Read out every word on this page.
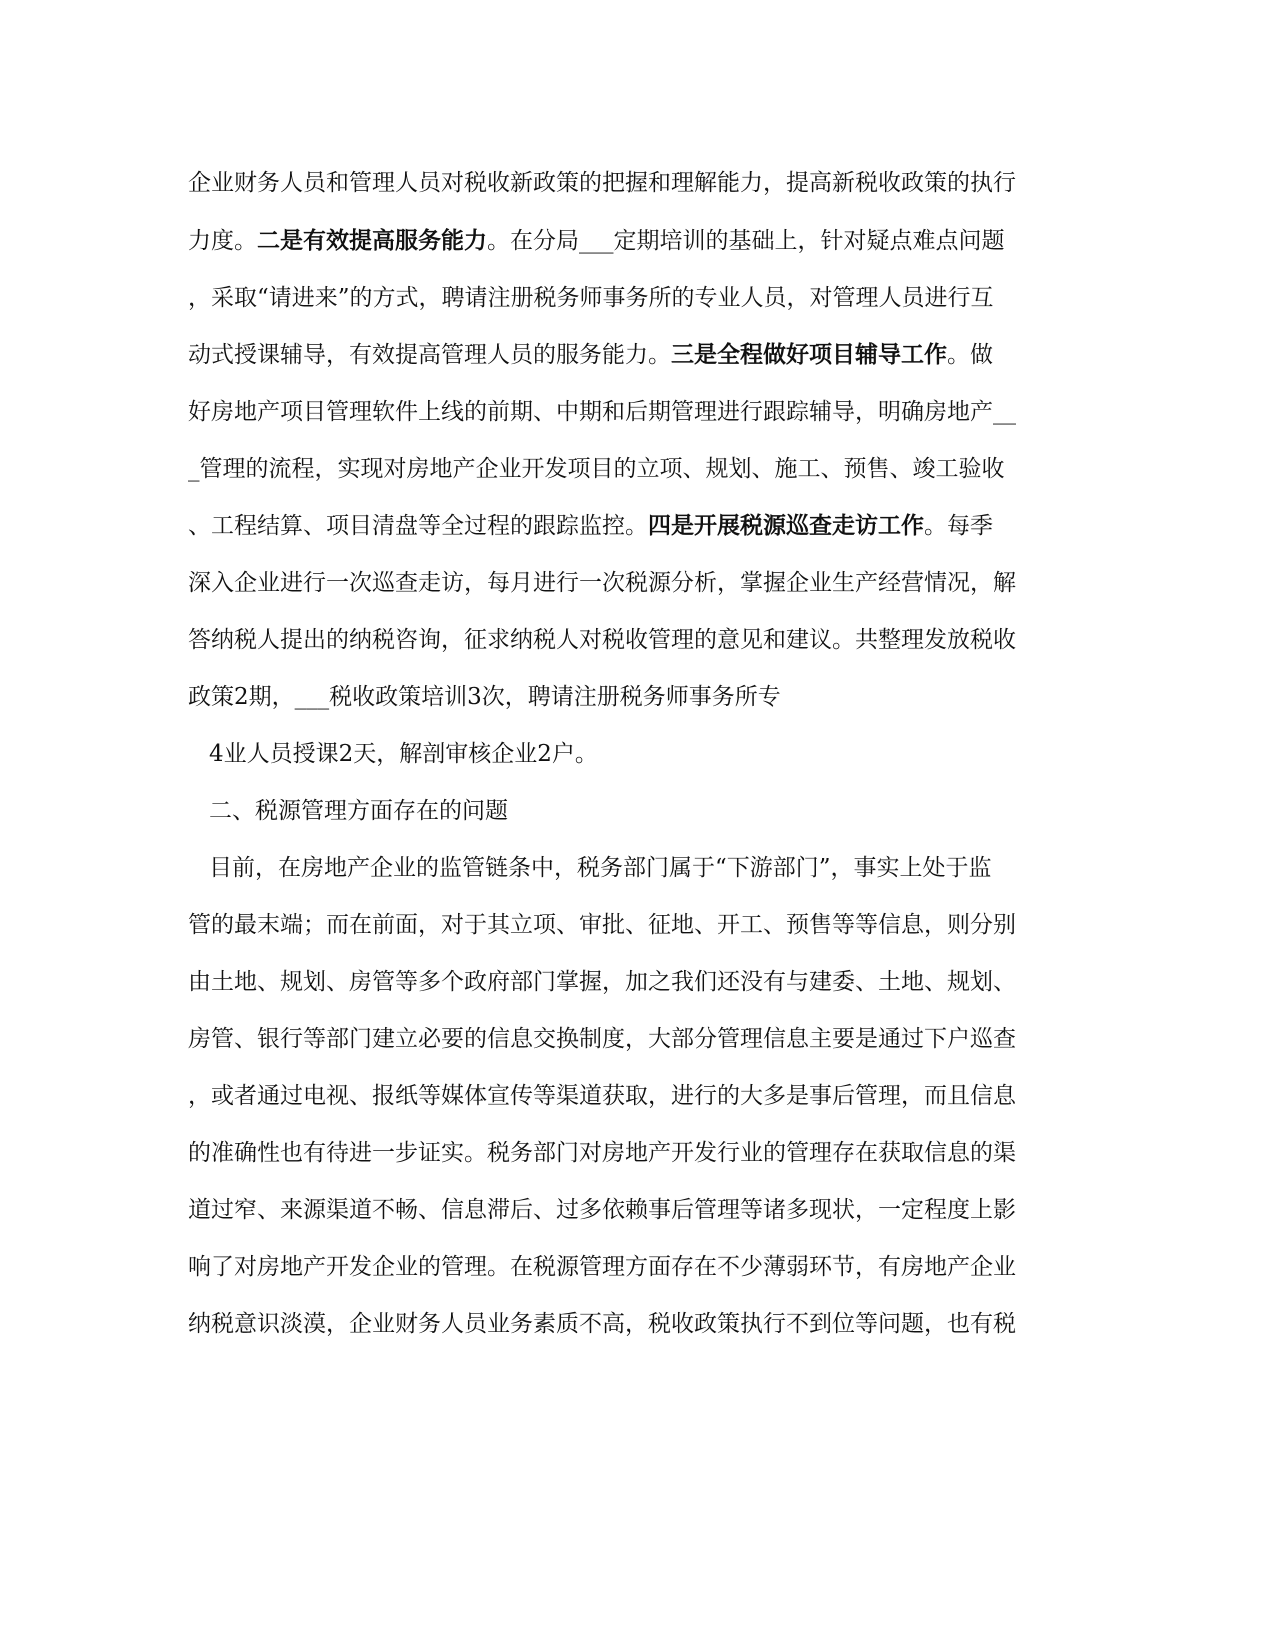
企业财务人员和管理人员对税收新政策的把握和理解能力，提高新税收政策的执行
力度。二是有效提高服务能力。在分局___定期培训的基础上，针对疑点难点问题
，采取“请进来”的方式，聘请注册税务师事务所的专业人员，对管理人员进行互
动式授课辅导，有效提高管理人员的服务能力。三是全程做好项目辅导工作。做
好房地产项目管理软件上线的前期、中期和后期管理进行跟踪辅导，明确房地产__
_管理的流程，实现对房地产企业开发项目的立项、规划、施工、预售、竣工验收
、工程结算、项目清盘等全过程的跟踪监控。四是开展税源巡查走访工作。每季
深入企业进行一次巡查走访，每月进行一次税源分析，掌握企业生产经营情况，解
答纳税人提出的纳税咨询，征求纳税人对税收管理的意见和建议。共整理发放税收
政策2期，___税收政策培训3次，聘请注册税务师事务所专
4业人员授课2天，解剖审核企业2户。
二、税源管理方面存在的问题
目前，在房地产企业的监管链条中，税务部门属于“下游部门”，事实上处于监
管的最末端；而在前面，对于其立项、审批、征地、开工、预售等等信息，则分别
由土地、规划、房管等多个政府部门掌握，加之我们还没有与建委、土地、规划、
房管、银行等部门建立必要的信息交换制度，大部分管理信息主要是通过下户巡查
，或者通过电视、报纸等媒体宣传等渠道获取，进行的大多是事后管理，而且信息
的准确性也有待进一步证实。税务部门对房地产开发行业的管理存在获取信息的渠
道过窄、来源渠道不畅、信息滞后、过多依赖事后管理等诸多现状，一定程度上影
响了对房地产开发企业的管理。在税源管理方面存在不少薄弱环节，有房地产企业
纳税意识淡漠，企业财务人员业务素质不高，税收政策执行不到位等问题，也有税
